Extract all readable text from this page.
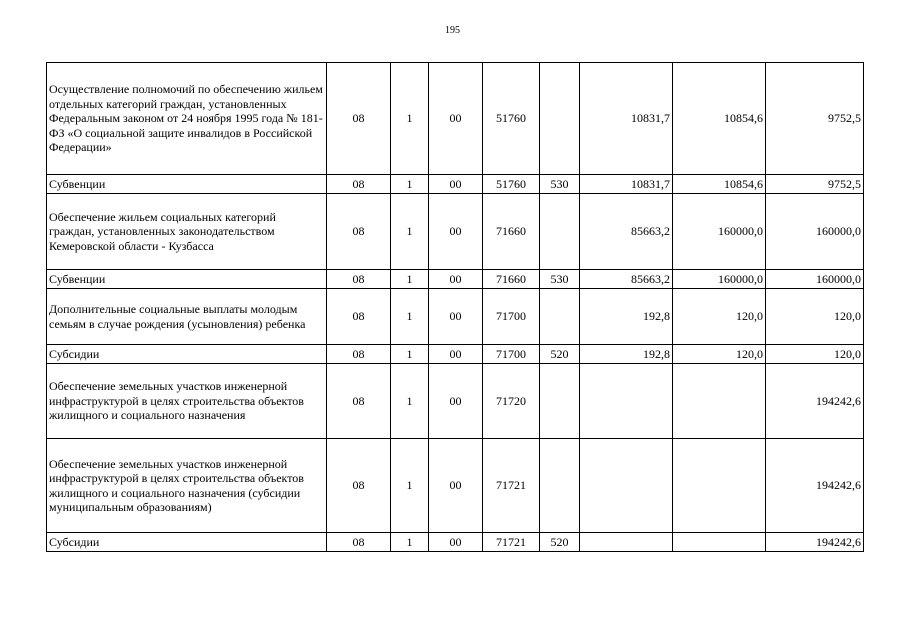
195
Осуществление полномочий по обеспечению жильем отдельных категорий граждан, установленных Федеральным законом от 24 ноября 1995 года № 181-ФЗ «О социальной защите инвалидов в Российской Федерации»	08	1	00	51760		10831,7	10854,6	9752,5
Субвенции	08	1	00	51760	530	10831,7	10854,6	9752,5
Обеспечение жильем социальных категорий граждан, установленных законодательством Кемеровской области - Кузбасса	08	1	00	71660		85663,2	160000,0	160000,0
Субвенции	08	1	00	71660	530	85663,2	160000,0	160000,0
Дополнительные социальные выплаты молодым семьям в случае рождения (усыновления) ребенка	08	1	00	71700		192,8	120,0	120,0
Субсидии	08	1	00	71700	520	192,8	120,0	120,0
Обеспечение земельных участков инженерной инфраструктурой в целях строительства объектов жилищного и социального назначения	08	1	00	71720				194242,6
Обеспечение земельных участков инженерной инфраструктурой в целях строительства объектов жилищного и социального назначения (субсидии муниципальным образованиям)	08	1	00	71721				194242,6
Субсидии	08	1	00	71721	520			194242,6
